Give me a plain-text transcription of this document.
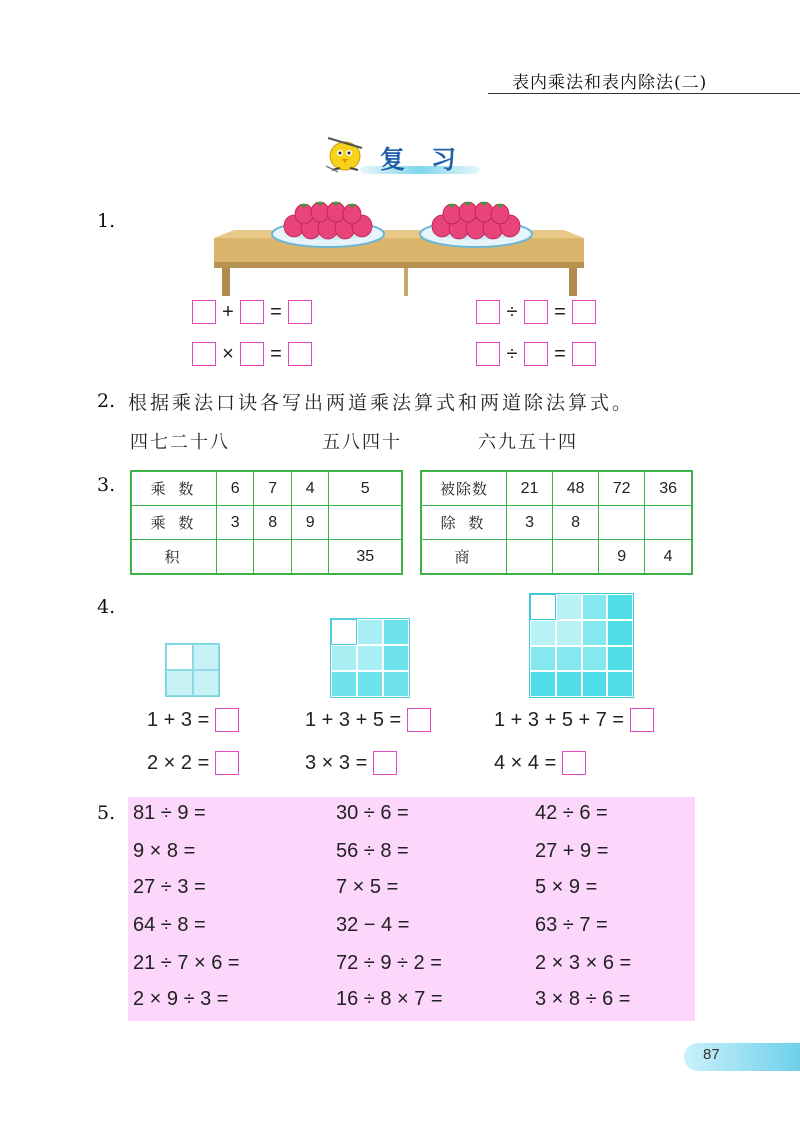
表内乘法和表内除法(二)
复习
1.
+ =
× =
÷ =
÷ =
2. 根据乘法口诀各写出两道乘法算式和两道除法算式。
四七二十八	五八四十	六九五十四
3. 乘 数	6	7	4	5
乘 数	3	8	9	
积				35
被除数	21	48	72	36
除 数	3	8		
商			9	4
4.
1 + 3 =	1 + 3 + 5 =	1 + 3 + 5 + 7 =
2 × 2 =	3 × 3 =	4 × 4 =
5. 81 ÷ 9 =	30 ÷ 6 =	42 ÷ 6 =
9 × 8 =	56 ÷ 8 =	27 + 9 =
27 ÷ 3 =	7 × 5 =	5 × 9 =
64 ÷ 8 =	32 − 4 =	63 ÷ 7 =
21 ÷ 7 × 6 =	72 ÷ 9 ÷ 2 =	2 × 3 × 6 =
2 × 9 ÷ 3 =	16 ÷ 8 × 7 =	3 × 8 ÷ 6 =
87
